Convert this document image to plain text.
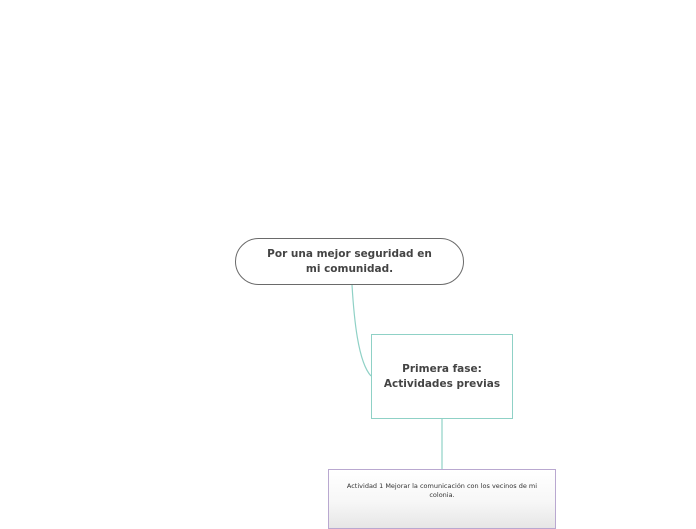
Por una mejor seguridad en mi comunidad.
Primera fase: Actividades previas
Actividad 1 Mejorar la comunicación con los vecinos de mi colonia.
